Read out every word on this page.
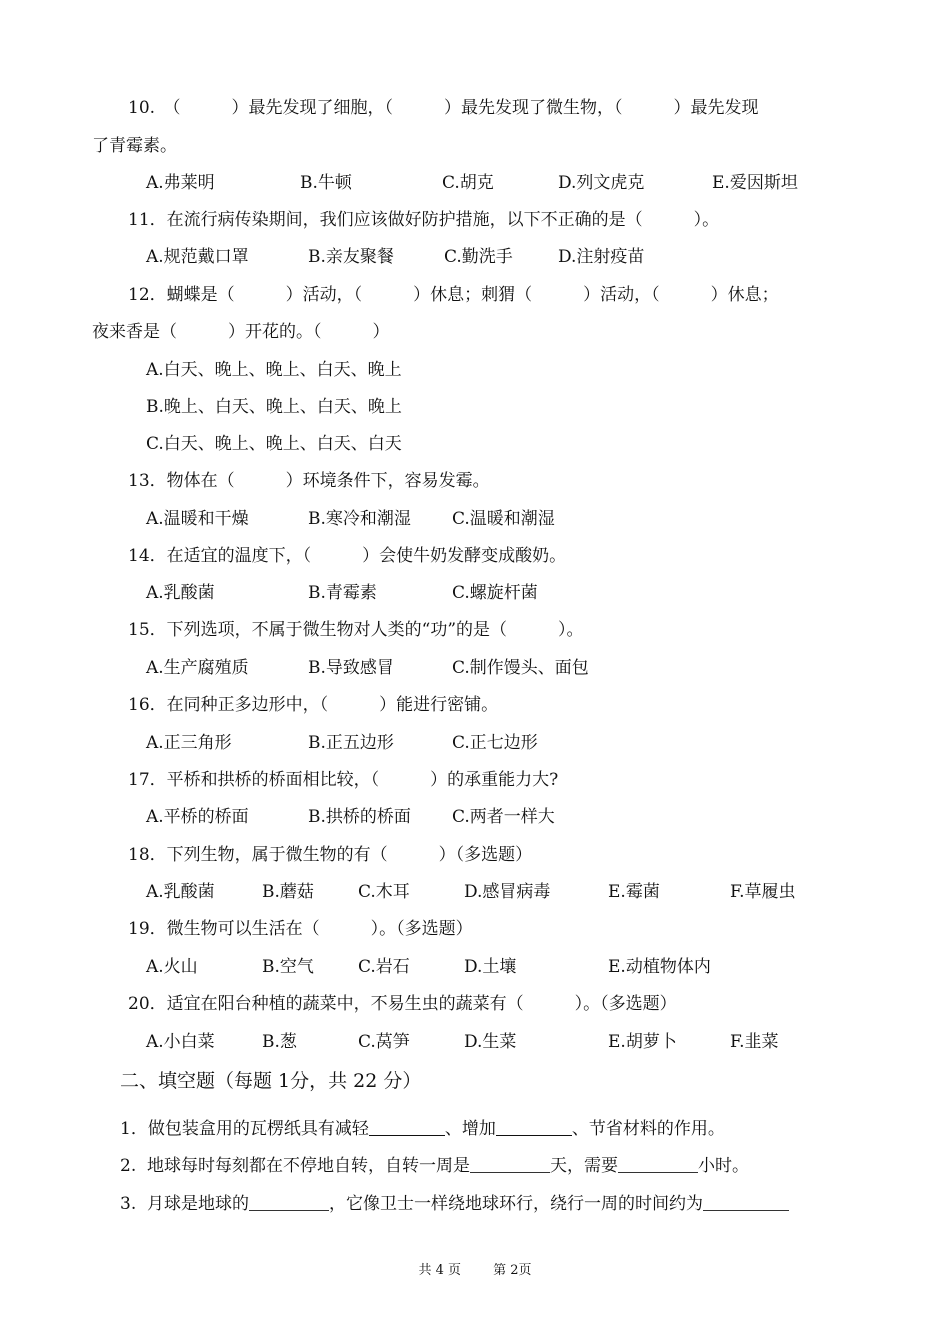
10.　（　　　）最先发现了细胞，（　　　）最先发现了微生物，（　　　）最先发现
了青霉素。
A.弗莱明	B.牛顿	C.胡克	D.列文虎克	E.爱因斯坦
11．在流行病传染期间，我们应该做好防护措施，以下不正确的是（　　　）。
A.规范戴口罩	B.亲友聚餐	C.勤洗手	D.注射疫苗
12．蝴蝶是（　　　）活动，（　　　）休息；刺猬（　　　）活动，（　　　）休息；
夜来香是（　　　）开花的。（　　　）
A.白天、晚上、晚上、白天、晚上
B.晚上、白天、晚上、白天、晚上
C.白天、晚上、晚上、白天、白天
13．物体在（　　　）环境条件下，容易发霉。
A.温暖和干燥	B.寒冷和潮湿 C.温暖和潮湿
14．在适宜的温度下，（　　　）会使牛奶发酵变成酸奶。
A.乳酸菌	B.青霉素	C.螺旋杆菌
15．下列选项，不属于微生物对人类的“功”的是（　　　）。
A.生产腐殖质	B.导致感冒	C.制作馒头、面包
16．在同种正多边形中，（　　　）能进行密铺。
A.正三角形	B.正五边形	C.正七边形
17．平桥和拱桥的桥面相比较，（　　　）的承重能力大?
A.平桥的桥面	B.拱桥的桥面 C.两者一样大
18．下列生物，属于微生物的有（　　　）（多选题）
A.乳酸菌	B.蘑菇	C.木耳	D.感冒病毒	E.霉菌	F.草履虫
19．微生物可以生活在（　　　）。（多选题）
A.火山	B.空气	C.岩石	D.土壤	E.动植物体内
20．适宜在阳台种植的蔬菜中，不易生虫的蔬菜有（　　　）。（多选题）
A.小白菜	B.葱	C.莴笋	D.生菜	E.胡萝卜	F.韭菜
二、填空题（每题 1分，共 22 分）
1．做包装盒用的瓦楞纸具有减轻	、增加	、节省材料的作用。
2.  地球每时每刻都在不停地自转，自转一周是	天，需要	小时。
3.  月球是地球的	，它像卫士一样绕地球环行，绕行一周的时间约为
共 4 页 第 2页
